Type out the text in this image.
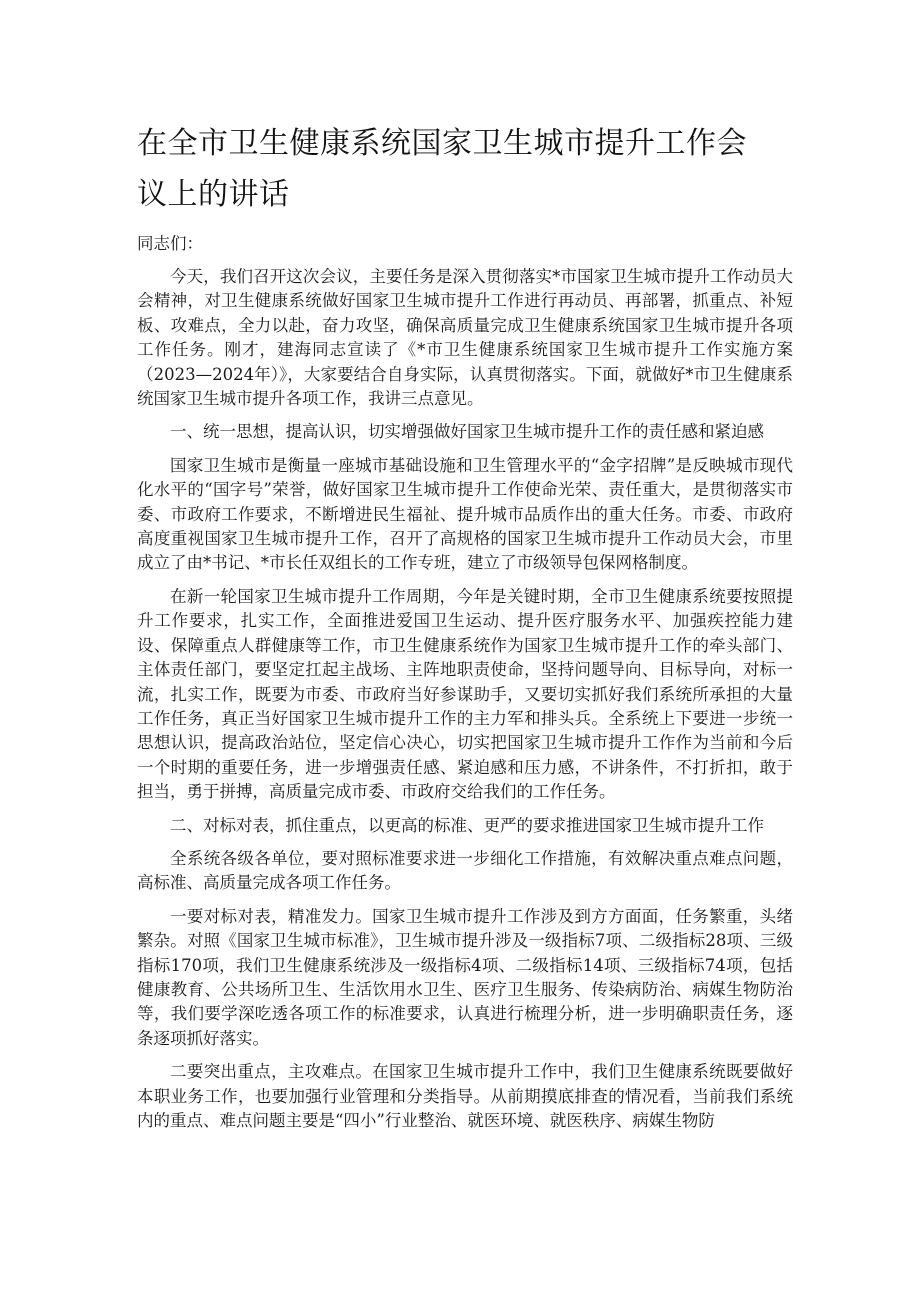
在全市卫生健康系统国家卫生城市提升工作会议上的讲话

同志们：

今天，我们召开这次会议，主要任务是深入贯彻落实*市国家卫生城市提升工作动员大会精神，对卫生健康系统做好国家卫生城市提升工作进行再动员、再部署，抓重点、补短板、攻难点，全力以赴，奋力攻坚，确保高质量完成卫生健康系统国家卫生城市提升各项工作任务。刚才，建海同志宣读了《*市卫生健康系统国家卫生城市提升工作实施方案（2023—2024年）》，大家要结合自身实际，认真贯彻落实。下面，就做好*市卫生健康系统国家卫生城市提升各项工作，我讲三点意见。

一、统一思想，提高认识，切实增强做好国家卫生城市提升工作的责任感和紧迫感

国家卫生城市是衡量一座城市基础设施和卫生管理水平的“金字招牌”是反映城市现代化水平的“国字号”荣誉，做好国家卫生城市提升工作使命光荣、责任重大，是贯彻落实市委、市政府工作要求，不断增进民生福祉、提升城市品质作出的重大任务。市委、市政府高度重视国家卫生城市提升工作，召开了高规格的国家卫生城市提升工作动员大会，市里成立了由*书记、*市长任双组长的工作专班，建立了市级领导包保网格制度。

在新一轮国家卫生城市提升工作周期，今年是关键时期，全市卫生健康系统要按照提升工作要求，扎实工作，全面推进爱国卫生运动、提升医疗服务水平、加强疾控能力建设、保障重点人群健康等工作，市卫生健康系统作为国家卫生城市提升工作的牵头部门、主体责任部门，要坚定扛起主战场、主阵地职责使命，坚持问题导向、目标导向，对标一流，扎实工作，既要为市委、市政府当好参谋助手，又要切实抓好我们系统所承担的大量工作任务，真正当好国家卫生城市提升工作的主力军和排头兵。全系统上下要进一步统一思想认识，提高政治站位，坚定信心决心，切实把国家卫生城市提升工作作为当前和今后一个时期的重要任务，进一步增强责任感、紧迫感和压力感，不讲条件，不打折扣，敢于担当，勇于拼搏，高质量完成市委、市政府交给我们的工作任务。

二、对标对表，抓住重点，以更高的标准、更严的要求推进国家卫生城市提升工作

全系统各级各单位，要对照标准要求进一步细化工作措施，有效解决重点难点问题，高标准、高质量完成各项工作任务。

一要对标对表，精准发力。国家卫生城市提升工作涉及到方方面面，任务繁重，头绪繁杂。对照《国家卫生城市标准》，卫生城市提升涉及一级指标7项、二级指标28项、三级指标170项，我们卫生健康系统涉及一级指标4项、二级指标14项、三级指标74项，包括健康教育、公共场所卫生、生活饮用水卫生、医疗卫生服务、传染病防治、病媒生物防治等，我们要学深吃透各项工作的标准要求，认真进行梳理分析，进一步明确职责任务，逐条逐项抓好落实。

二要突出重点，主攻难点。在国家卫生城市提升工作中，我们卫生健康系统既要做好本职业务工作，也要加强行业管理和分类指导。从前期摸底排查的情况看，当前我们系统内的重点、难点问题主要是“四小”行业整治、就医环境、就医秩序、病媒生物防
